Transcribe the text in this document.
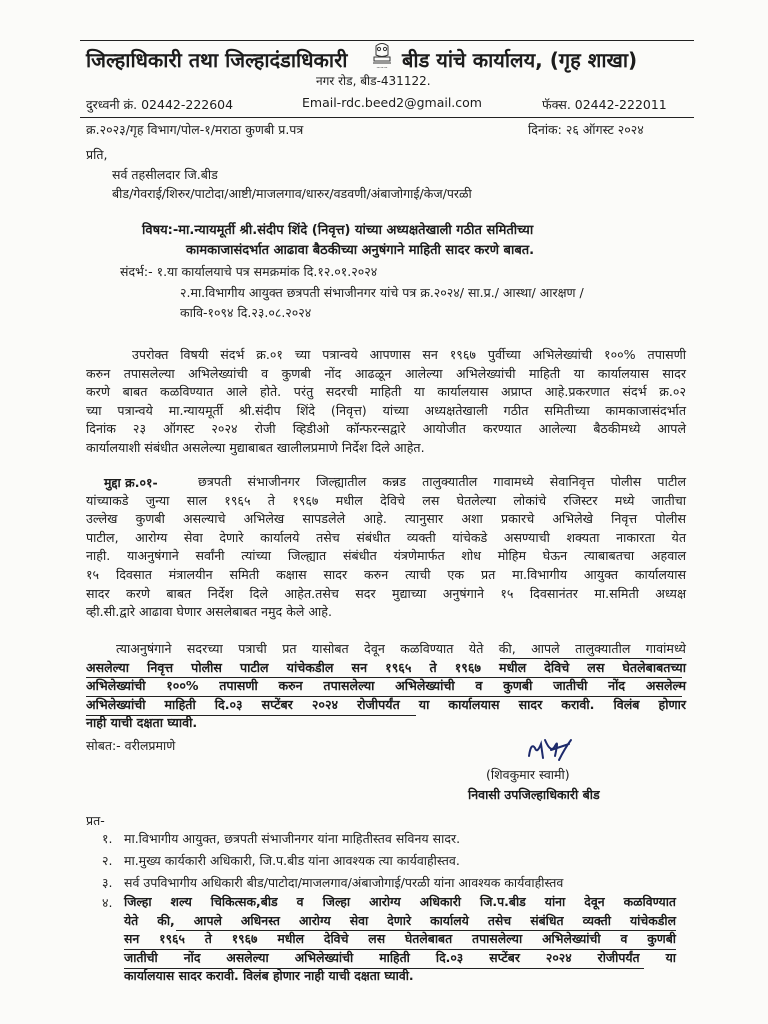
जिल्हाधिकारी तथा जिल्हादंडाधिकारी	~~~ बीड यांचे कार्यालय, (गृह शाखा)
नगर रोड, बीड-431122.
दुरध्वनी क्रं. 02442-222604	Email-rdc.beed2@gmail.com	फॅक्स. 02442-222011
क्र.२०२३/गृह विभाग/पोल-१/मराठा कुणबी प्र.पत्र	दिनांक: २६ ऑगस्ट २०२४
प्रति,
सर्व तहसीलदार जि.बीड
बीड/गेवराई/शिरुर/पाटोदा/आष्टी/माजलगाव/धारुर/वडवणी/अंबाजोगाई/केज/परळी
विषय:-मा.न्यायमूर्ती श्री.संदीप शिंदे (निवृत्त) यांच्या अध्यक्षतेखाली गठीत समितीच्या
कामकाजासंदर्भात आढावा बैठकीच्या अनुषंगाने माहिती सादर करणे बाबत.
संदर्भ:- १.या कार्यालयाचे पत्र समक्रमांक दि.१२.०१.२०२४
२.मा.विभागीय आयुक्त छत्रपती संभाजीनगर यांचे पत्र क्र.२०२४/ सा.प्र./ आस्था/ आरक्षण /
कावि-१०९४ दि.२३.०८.२०२४
उपरोक्त विषयी संदर्भ क्र.०१ च्या पत्रान्वये आपणास सन १९६७ पुर्वीच्या अभिलेख्यांची १००% तपासणी
करुन तपासलेल्या अभिलेख्यांची व कुणबी नोंद आढळून आलेल्या अभिलेख्यांची माहिती या कार्यालयास सादर
करणे बाबत कळविण्यात आले होते. परंतु सदरची माहिती या कार्यालयास अप्राप्त आहे.प्रकरणात संदर्भ क्र.०२
च्या पत्रान्वये मा.न्यायमूर्ती श्री.संदीप शिंदे (निवृत्त) यांच्या अध्यक्षतेखाली गठीत समितीच्या कामकाजासंदर्भात
दिनांक २३ ऑगस्ट २०२४ रोजी व्हिडीओ कॉन्फरन्सद्वारे आयोजीत करण्यात आलेल्या बैठकीमध्ये आपले
कार्यालयाशी संबंधीत असलेल्या मुद्याबाबत खालीलप्रमाणे निर्देश दिले आहेत.
मुद्दा क्र.०१-	छत्रपती संभाजीनगर जिल्ह्यातील कन्नड तालुक्यातील गावामध्ये सेवानिवृत्त पोलीस पाटील
यांच्याकडे जुन्या साल १९६५ ते १९६७ मधील देविचे लस घेतलेल्या लोकांचे रजिस्टर मध्ये जातीचा
उल्लेख कुणबी असल्याचे अभिलेख सापडलेले आहे. त्यानुसार अशा प्रकारचे अभिलेखे निवृत्त पोलीस
पाटील, आरोग्य सेवा देणारे कार्यालये तसेच संबंधीत व्यक्ती यांचेकडे असण्याची शक्यता नाकारता येत
नाही. याअनुषंगाने सर्वांनी त्यांच्या जिल्ह्यात संबंधीत यंत्रणेमार्फत शोध मोहिम घेऊन त्याबाबतचा अहवाल
१५ दिवसात मंत्रालयीन समिती कक्षास सादर करुन त्याची एक प्रत मा.विभागीय आयुक्त कार्यालयास
सादर करणे बाबत निर्देश दिले आहेत.तसेच सदर मुद्याच्या अनुषंगाने १५ दिवसानंतर मा.समिती अध्यक्ष
व्ही.सी.द्वारे आढावा घेणार असलेबाबत नमुद केले आहे.
त्याअनुषंगाने सदरच्या पत्राची प्रत यासोबत देवून कळविण्यात येते की, आपले तालुक्यातील गावांमध्ये
असलेल्या निवृत्त पोलीस पाटील यांचेकडील सन १९६५ ते १९६७ मधील देविचे लस घेतलेबाबतच्या
अभिलेख्यांची १००% तपासणी करुन तपासलेल्या अभिलेख्यांची व कुणबी जातीची नोंद असलेल्म
अभिलेख्यांची माहिती दि.०३ सप्टेंबर २०२४ रोजीपर्यंत या कार्यालयास सादर करावी. विलंब होणार
नाही याची दक्षता घ्यावी.
सोबत:- वरीलप्रमाणे
(शिवकुमार स्वामी)
निवासी उपजिल्हाधिकारी बीड
प्रत-
१. मा.विभागीय आयुक्त, छत्रपती संभाजीनगर यांना माहितीस्तव सविनय सादर.
२. मा.मुख्य कार्यकारी अधिकारी, जि.प.बीड यांना आवश्यक त्या कार्यवाहीस्तव.
३. सर्व उपविभागीय अधिकारी बीड/पाटोदा/माजलगाव/अंबाजोगाई/परळी यांना आवश्यक कार्यवाहीस्तव
४. जिल्हा शल्य चिकित्सक,बीड व जिल्हा आरोग्य अधिकारी जि.प.बीड यांना देवून कळविण्यात
येते की, आपले अधिनस्त आरोग्य सेवा देणारे कार्यालये तसेच संबंधित व्यक्ती यांचेकडील
सन १९६५ ते १९६७ मधील देविचे लस घेतलेबाबत तपासलेल्या अभिलेख्यांची व कुणबी
जातीची नोंद असलेल्या अभिलेख्यांची माहिती दि.०३ सप्टेंबर २०२४ रोजीपर्यंत या
कार्यालयास सादर करावी. विलंब होणार नाही याची दक्षता घ्यावी.
